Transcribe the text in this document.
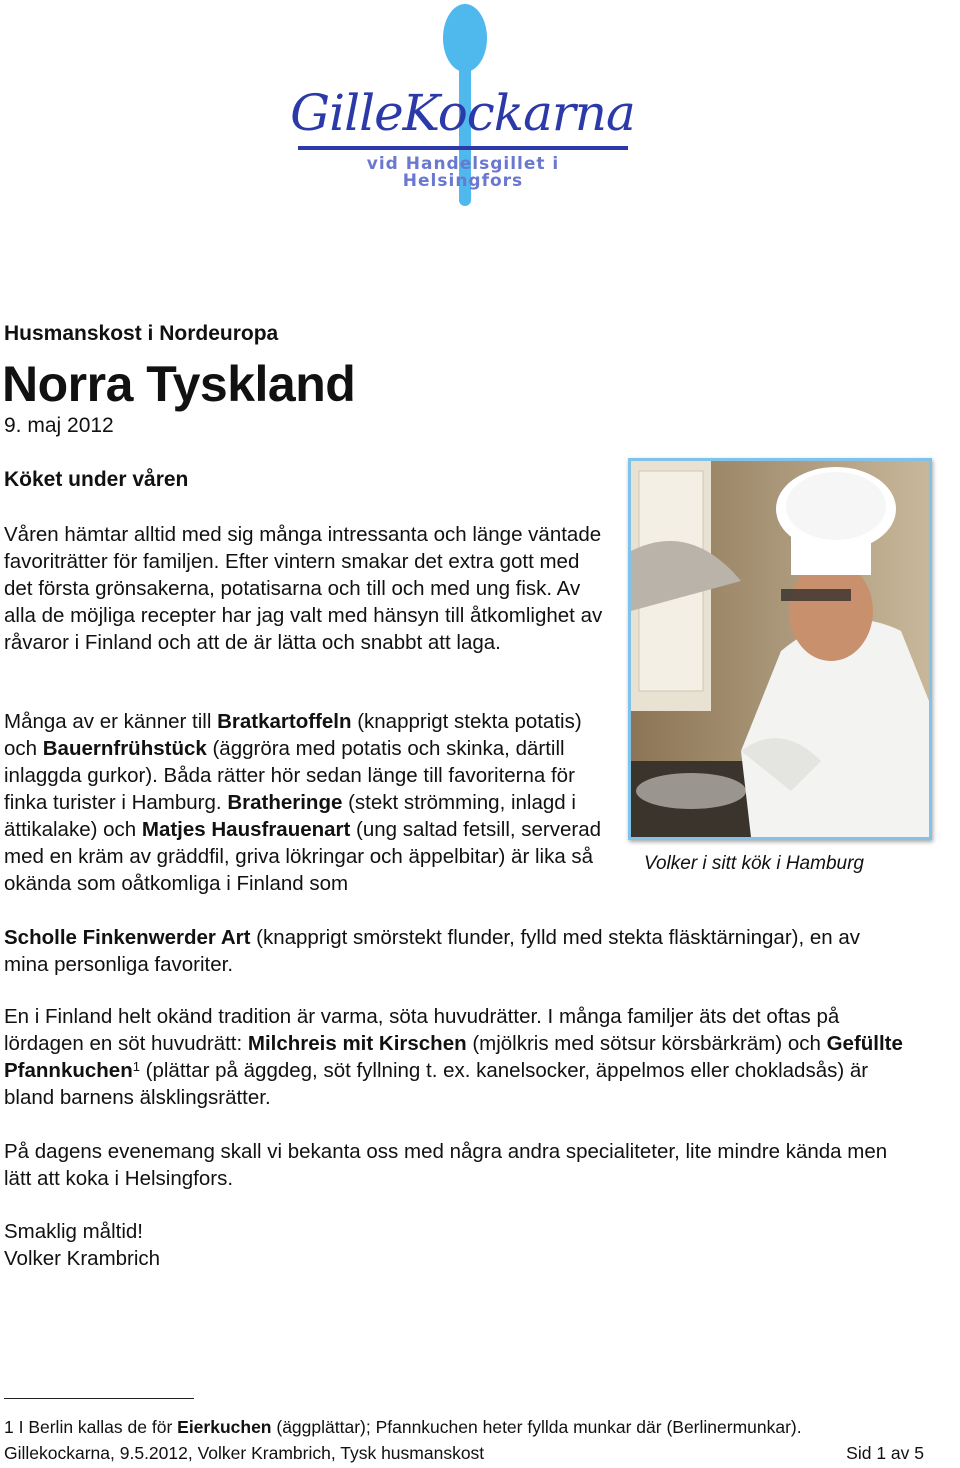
GilleKockarna
vid Handelsgillet i Helsingfors
Husmanskost i Nordeuropa
Norra Tyskland
9. maj 2012
Köket under våren
Våren hämtar alltid med sig många intressanta och länge väntade favoriträtter för familjen. Efter vintern smakar det extra gott med det första grönsakerna, potatisarna och till och med ung fisk. Av alla de möjliga recepter har jag valt med hänsyn till åtkomlighet av råvaror i Finland och att de är lätta och snabbt att laga.
Många av er känner till Bratkartoffeln (knapprigt stekta potatis) och Bauernfrühstück (äggröra med potatis och skinka, därtill inlaggda gurkor). Båda rätter hör sedan länge till favoriterna för finka turister i Hamburg. Bratheringe (stekt strömming, inlagd i ättikalake) och Matjes Hausfrauenart (ung saltad fetsill, serverad med en kräm av gräddfil, griva lökringar och äppelbitar) är lika så okända som oåtkomliga i Finland som
Scholle Finkenwerder Art (knapprigt smörstekt flunder, fylld med stekta fläsktärningar), en av mina personliga favoriter.
Volker i sitt kök i Hamburg
En i Finland helt okänd tradition är varma, söta huvudrätter. I många familjer äts det oftas på lördagen en söt huvudrätt: Milchreis mit Kirschen (mjölkris med sötsur körsbärkräm) och Gefüllte Pfannkuchen$^1$ (plättar på äggdeg, söt fyllning t. ex. kanelsocker, äppelmos eller chokladsås) är bland barnens älsklingsrätter.
På dagens evenemang skall vi bekanta oss med några andra specialiteter, lite mindre kända men lätt att koka i Helsingfors.
Smaklig måltid!
Volker Krambrich
1 I Berlin kallas de för Eierkuchen (äggplättar); Pfannkuchen heter fyllda munkar där (Berlinermunkar).
Gillekockarna, 9.5.2012, Volker Krambrich, Tysk husmanskost	Sid 1 av 5
